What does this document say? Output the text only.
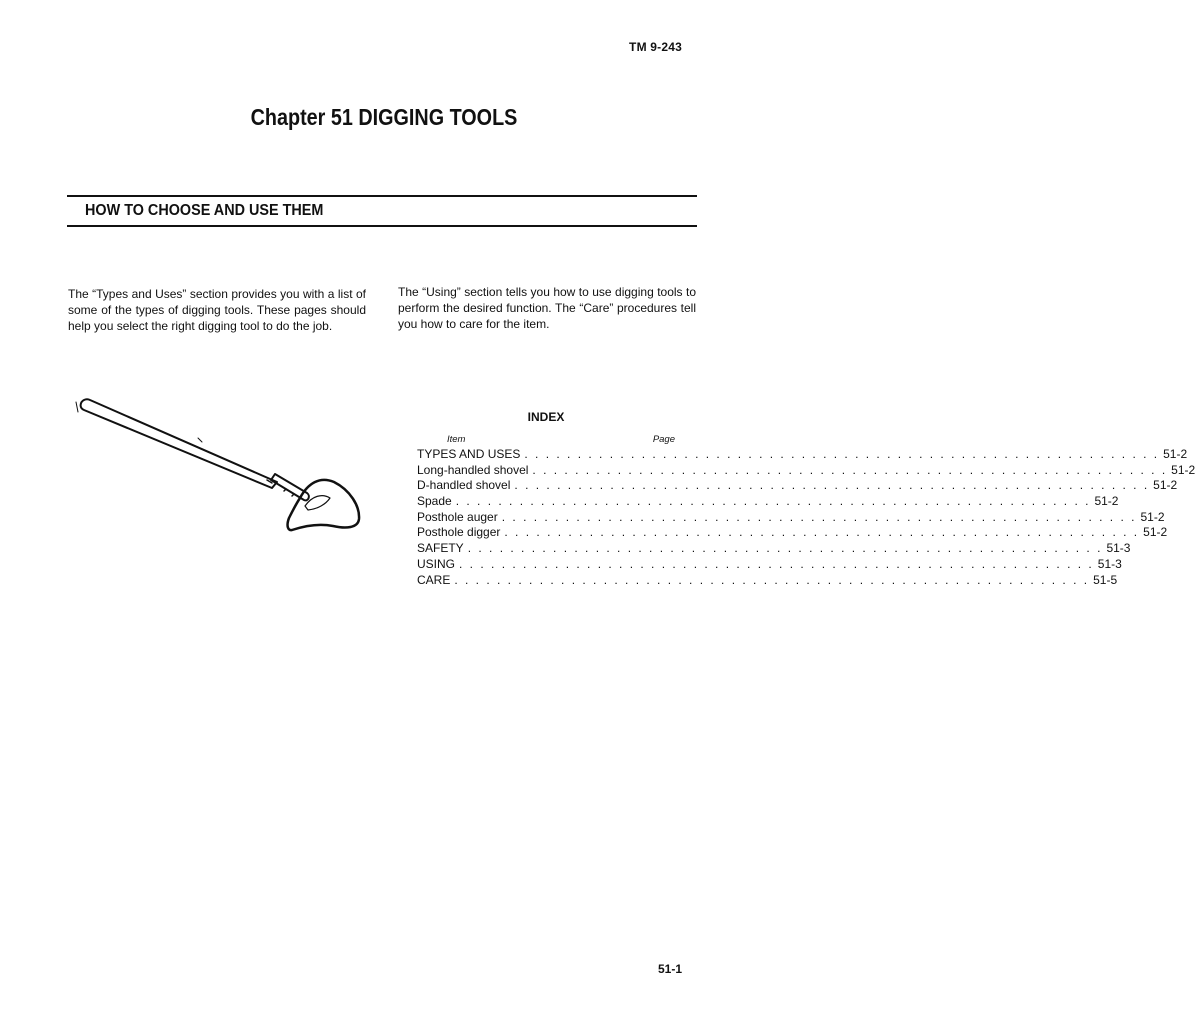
TM 9-243
Chapter 51 DIGGING TOOLS
HOW TO CHOOSE AND USE THEM
The “Types and Uses” section provides you with a list of some of the types of digging tools. These pages should help you select the right digging tool to do the job.
The “Using” section tells you how to use digging tools to perform the desired function. The “Care” procedures tell you how to care for the item.
INDEX
Item	Page
TYPES AND USES . . . . . . . . . . . . . . . . . . . . . . . . . . . . . . . . . . . . . . . . . . . . . . . . . . . . . . . . . . . . 51-2
Long-handled shovel . . . . . . . . . . . . . . . . . . . . . . . . . . . . . . . . . . . . . . . . . . . . . . . . . . . . . . . . . . . . 51-2
D-handled shovel . . . . . . . . . . . . . . . . . . . . . . . . . . . . . . . . . . . . . . . . . . . . . . . . . . . . . . . . . . . . 51-2
Spade . . . . . . . . . . . . . . . . . . . . . . . . . . . . . . . . . . . . . . . . . . . . . . . . . . . . . . . . . . . . 51-2
Posthole auger . . . . . . . . . . . . . . . . . . . . . . . . . . . . . . . . . . . . . . . . . . . . . . . . . . . . . . . . . . . . 51-2
Posthole digger . . . . . . . . . . . . . . . . . . . . . . . . . . . . . . . . . . . . . . . . . . . . . . . . . . . . . . . . . . . . 51-2
SAFETY . . . . . . . . . . . . . . . . . . . . . . . . . . . . . . . . . . . . . . . . . . . . . . . . . . . . . . . . . . . . 51-3
USING . . . . . . . . . . . . . . . . . . . . . . . . . . . . . . . . . . . . . . . . . . . . . . . . . . . . . . . . . . . . 51-3
CARE . . . . . . . . . . . . . . . . . . . . . . . . . . . . . . . . . . . . . . . . . . . . . . . . . . . . . . . . . . . . 51-5
51-1
